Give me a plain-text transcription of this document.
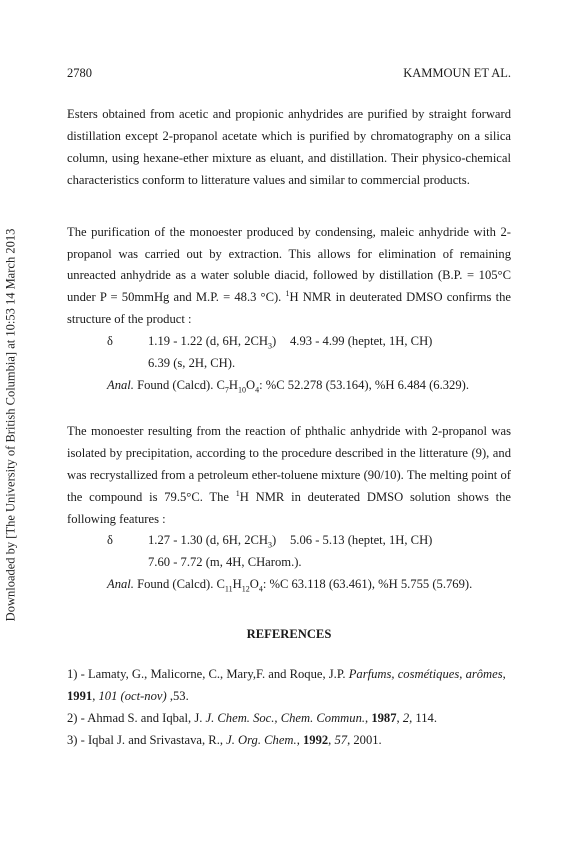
Downloaded by [The University of British Columbia] at 10:53 14 March 2013
2780	KAMMOUN ET AL.

Esters obtained from acetic and propionic anhydrides are purified by straight forward distillation except 2-propanol acetate which is purified by chromatography on a silica column, using hexane-ether mixture as eluant, and distillation. Their physico-chemical characteristics conform to litterature values and similar to commercial products.

The purification of the monoester produced by condensing, maleic anhydride with 2-propanol was carried out by extraction. This allows for elimination of remaining unreacted anhydride as a water soluble diacid, followed by distillation (B.P. = 105°C under P = 50mmHg and M.P. = 48.3 °C). $^1$H NMR in deuterated DMSO confirms the structure of the product :

δ	1.19 - 1.22 (d, 6H, $2CH_3$)	4.93 - 4.99 (heptet, 1H, CH)
6.39 (s, 2H, CH).
Anal. Found (Calcd). $C_7H_{10}O_4$: %C 52.278 (53.164), %H 6.484 (6.329).

The monoester resulting from the reaction of phthalic anhydride with 2-propanol was isolated by precipitation, according to the procedure described in the litterature (9), and was recrystallized from a petroleum ether-toluene mixture (90/10). The melting point of the compound is 79.5°C. The $^1$H NMR in deuterated DMSO solution shows the following features :

δ	1.27 - 1.30 (d, 6H, $2CH_3$)	5.06 - 5.13 (heptet, 1H, CH)
7.60 - 7.72 (m, 4H, CHarom.).
Anal. Found (Calcd). $C_{11}H_{12}O_4$: %C 63.118 (63.461), %H 5.755 (5.769).
REFERENCES
1) - Lamaty, G., Malicorne, C., Mary,F. and Roque, J.P. Parfums, cosmétiques, arômes, 1991, 101 (oct-nov) ,53.
2) - Ahmad S. and Iqbal, J. J. Chem. Soc., Chem. Commun., 1987, 2, 114.
3) - Iqbal J. and Srivastava, R., J. Org. Chem., 1992, 57, 2001.
